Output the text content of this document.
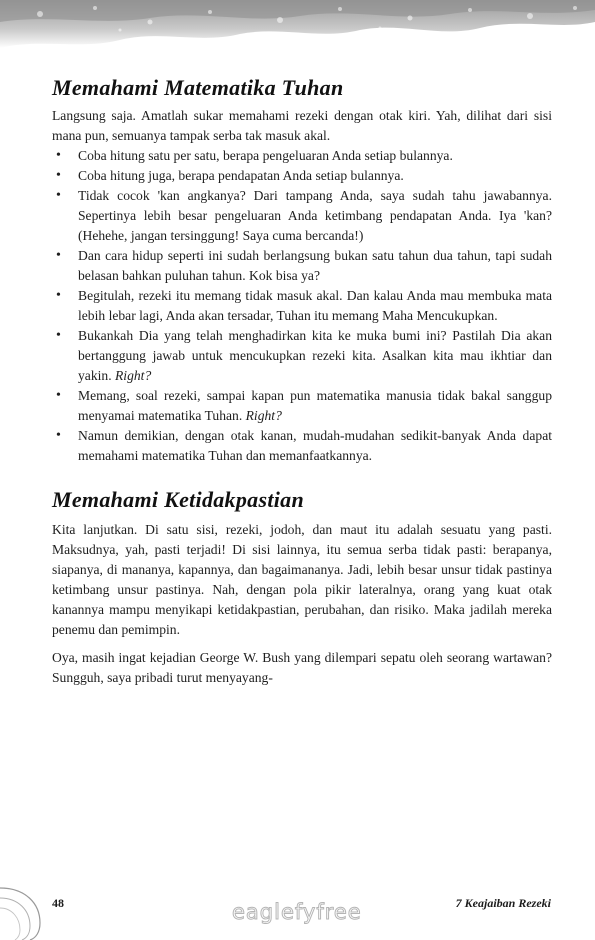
Memahami Matematika Tuhan

Langsung saja. Amatlah sukar memahami rezeki dengan otak kiri. Yah, dilihat dari sisi mana pun, semuanya tampak serba tak masuk akal.

• Coba hitung satu per satu, berapa pengeluaran Anda setiap bulannya.
• Coba hitung juga, berapa pendapatan Anda setiap bulannya.
• Tidak cocok 'kan angkanya? Dari tampang Anda, saya sudah tahu jawabannya. Sepertinya lebih besar pengeluaran Anda ketimbang pendapatan Anda. Iya 'kan? (Hehehe, jangan tersinggung! Saya cuma bercanda!)
• Dan cara hidup seperti ini sudah berlangsung bukan satu tahun dua tahun, tapi sudah belasan bahkan puluhan tahun. Kok bisa ya?
• Begitulah, rezeki itu memang tidak masuk akal. Dan kalau Anda mau membuka mata lebih lebar lagi, Anda akan tersadar, Tuhan itu memang Maha Mencukupkan.
• Bukankah Dia yang telah menghadirkan kita ke muka bumi ini? Pastilah Dia akan bertanggung jawab untuk mencukupkan rezeki kita. Asalkan kita mau ikhtiar dan yakin. Right?
• Memang, soal rezeki, sampai kapan pun matematika manusia tidak bakal sanggup menyamai matematika Tuhan. Right?
• Namun demikian, dengan otak kanan, mudah-mudahan sedikit-banyak Anda dapat memahami matematika Tuhan dan memanfaatkannya.
Memahami Ketidakpastian

Kita lanjutkan. Di satu sisi, rezeki, jodoh, dan maut itu adalah sesuatu yang pasti. Maksudnya, yah, pasti terjadi! Di sisi lainnya, itu semua serba tidak pasti: berapanya, siapanya, di mananya, kapannya, dan bagaimananya. Jadi, lebih besar unsur tidak pastinya ketimbang unsur pastinya. Nah, dengan pola pikir lateralnya, orang yang kuat otak kanannya mampu menyikapi ketidakpastian, perubahan, dan risiko. Maka jadilah mereka penemu dan pemimpin.

Oya, masih ingat kejadian George W. Bush yang dilempari sepatu oleh seorang wartawan? Sungguh, saya pribadi turut menyayang-

48	eaglefyfree	7 Keajaiban Rezeki
